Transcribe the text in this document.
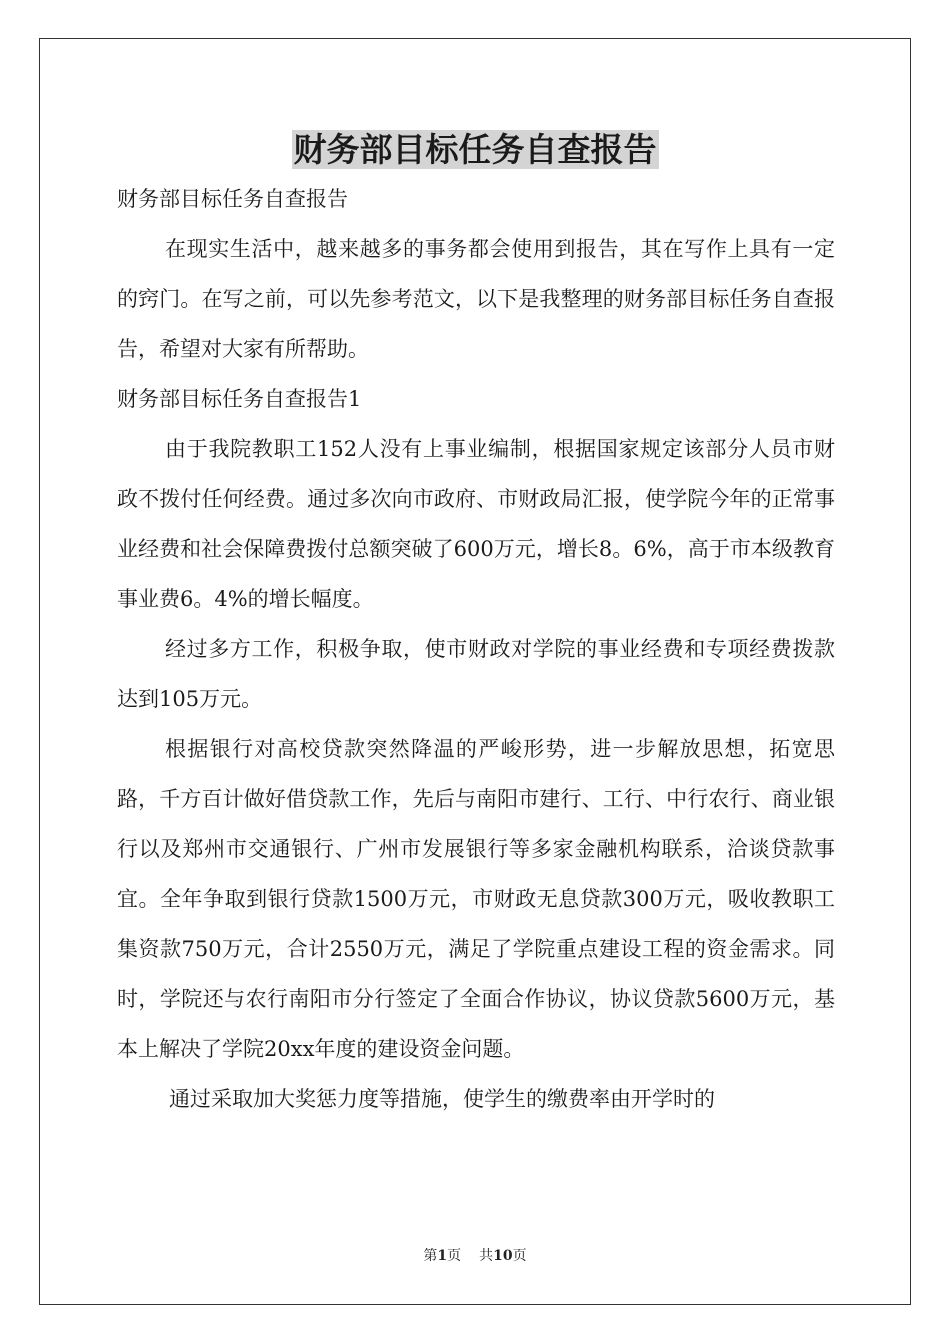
财务部目标任务自查报告

财务部目标任务自查报告

在现实生活中，越来越多的事务都会使用到报告，其在写作上具有一定的窍门。在写之前，可以先参考范文，以下是我整理的财务部目标任务自查报告，希望对大家有所帮助。

财务部目标任务自查报告1

由于我院教职工152人没有上事业编制，根据国家规定该部分人员市财政不拨付任何经费。通过多次向市政府、市财政局汇报，使学院今年的正常事业经费和社会保障费拨付总额突破了600万元，增长8。6%，高于市本级教育事业费6。4%的增长幅度。

经过多方工作，积极争取，使市财政对学院的事业经费和专项经费拨款达到105万元。

根据银行对高校贷款突然降温的严峻形势，进一步解放思想，拓宽思路，千方百计做好借贷款工作，先后与南阳市建行、工行、中行农行、商业银行以及郑州市交通银行、广州市发展银行等多家金融机构联系，洽谈贷款事宜。全年争取到银行贷款1500万元，市财政无息贷款300万元，吸收教职工集资款750万元，合计2550万元，满足了学院重点建设工程的资金需求。同时，学院还与农行南阳市分行签定了全面合作协议，协议贷款5600万元，基本上解决了学院20xx年度的建设资金问题。

通过采取加大奖惩力度等措施，使学生的缴费率由开学时的

第1页 共10页
